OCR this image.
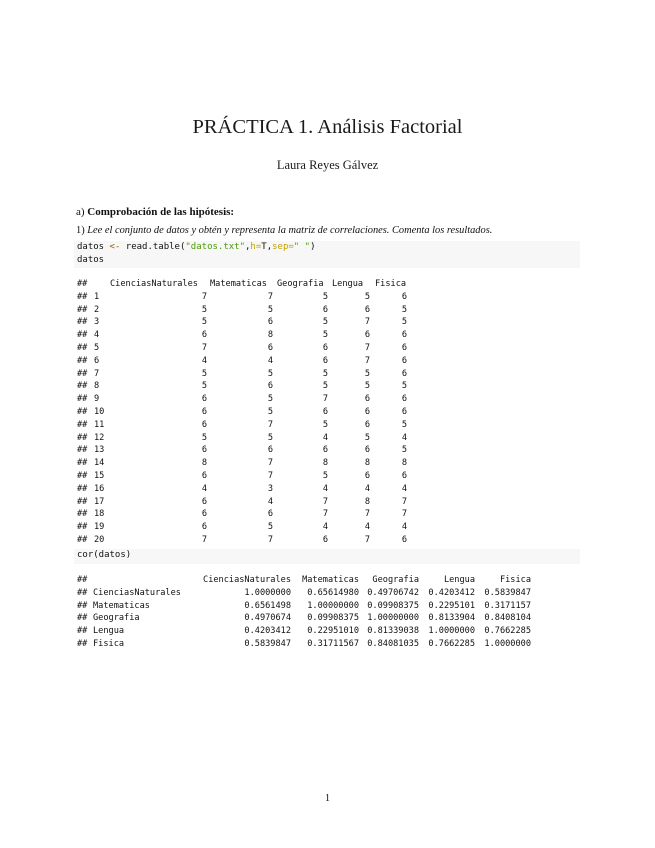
PRÁCTICA 1. Análisis Factorial
Laura Reyes Gálvez
a) Comprobación de las hipótesis:
1) Lee el conjunto de datos y obtén y representa la matriz de correlaciones. Comenta los resultados.
datos <- read.table("datos.txt",h=T,sep=" ")
datos
##	CienciasNaturales Matematicas Geografia Lengua Fisica
## 1	7	7	5	5	6
## 2	5	5	6	6	5
## 3	5	6	5	7	5
## 4	6	8	5	6	6
## 5	7	6	6	7	6
## 6	4	4	6	7	6
## 7	5	5	5	5	6
## 8	5	6	5	5	5
## 9	6	5	7	6	6
## 10	6	5	6	6	6
## 11	6	7	5	6	5
## 12	5	5	4	5	4
## 13	6	6	6	6	5
## 14	8	7	8	8	8
## 15	6	7	5	6	6
## 16	4	3	4	4	4
## 17	6	4	7	8	7
## 18	6	6	7	7	7
## 19	6	5	4	4	4
## 20	7	7	6	7	6
cor(datos)
##	CienciasNaturales	Matematicas	Geografia	Lengua	Fisica
## CienciasNaturales	1.0000000	0.65614980 0.49706742	0.4203412	0.5839847
## Matematicas	0.6561498	1.00000000 0.09908375	0.2295101	0.3171157
## Geografia	0.4970674	0.09908375 1.00000000	0.8133904	0.8408104
## Lengua	0.4203412	0.22951010 0.81339038	1.0000000	0.7662285
## Fisica	0.5839847	0.31711567 0.84081035	0.7662285	1.0000000
1
